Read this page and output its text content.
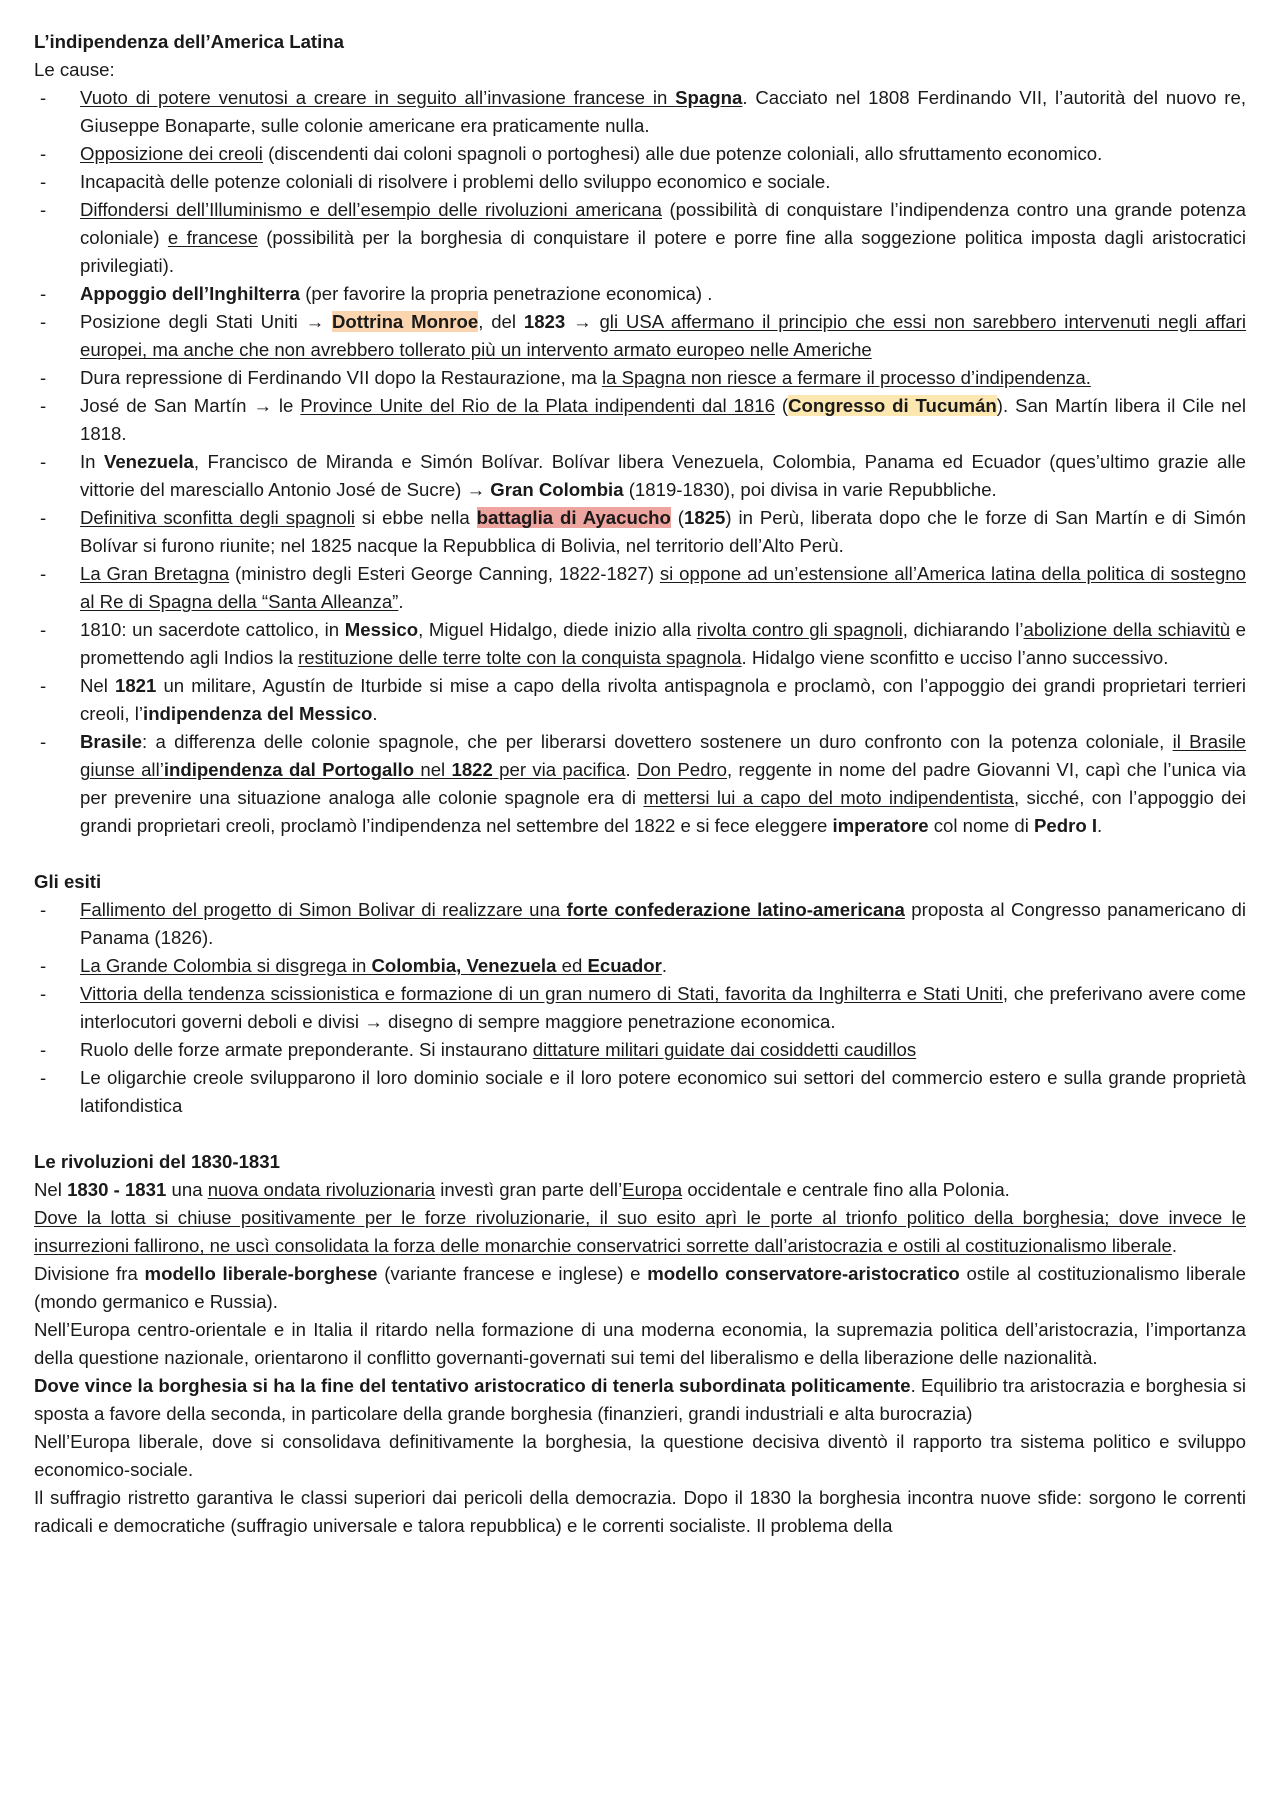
L’indipendenza dell’America Latina

Le cause:

- Vuoto di potere venutosi a creare in seguito all’invasione francese in Spagna. Cacciato nel 1808 Ferdinando VII, l’autorità del nuovo re, Giuseppe Bonaparte, sulle colonie americane era praticamente nulla.
- Opposizione dei creoli (discendenti dai coloni spagnoli o portoghesi) alle due potenze coloniali, allo sfruttamento economico.
- Incapacità delle potenze coloniali di risolvere i problemi dello sviluppo economico e sociale.
- Diffondersi dell’Illuminismo e dell’esempio delle rivoluzioni americana (possibilità di conquistare l’indipendenza contro una grande potenza coloniale) e francese (possibilità per la borghesia di conquistare il potere e porre fine alla soggezione politica imposta dagli aristocratici privilegiati).
- Appoggio dell’Inghilterra (per favorire la propria penetrazione economica) .
- Posizione degli Stati Uniti → Dottrina Monroe, del 1823 → gli USA affermano il principio che essi non sarebbero intervenuti negli affari europei, ma anche che non avrebbero tollerato più un intervento armato europeo nelle Americhe
- Dura repressione di Ferdinando VII dopo la Restaurazione, ma la Spagna non riesce a fermare il processo d’indipendenza.
- José de San Martín → le Province Unite del Rio de la Plata indipendenti dal 1816 (Congresso di Tucumán). San Martín libera il Cile nel 1818.
- In Venezuela, Francisco de Miranda e Simón Bolívar. Bolívar libera Venezuela, Colombia, Panama ed Ecuador (ques’ultimo grazie alle vittorie del maresciallo Antonio José de Sucre) → Gran Colombia (1819-1830), poi divisa in varie Repubbliche.
- Definitiva sconfitta degli spagnoli si ebbe nella battaglia di Ayacucho (1825) in Perù, liberata dopo che le forze di San Martín e di Simón Bolívar si furono riunite; nel 1825 nacque la Repubblica di Bolivia, nel territorio dell’Alto Perù.
- La Gran Bretagna (ministro degli Esteri George Canning, 1822-1827) si oppone ad un’estensione all’America latina della politica di sostegno al Re di Spagna della “Santa Alleanza”.
- 1810: un sacerdote cattolico, in Messico, Miguel Hidalgo, diede inizio alla rivolta contro gli spagnoli, dichiarando l’abolizione della schiavitù e promettendo agli Indios la restituzione delle terre tolte con la conquista spagnola. Hidalgo viene sconfitto e ucciso l’anno successivo.
- Nel 1821 un militare, Agustín de Iturbide si mise a capo della rivolta antispagnola e proclamò, con l’appoggio dei grandi proprietari terrieri creoli, l’indipendenza del Messico.
- Brasile: a differenza delle colonie spagnole, che per liberarsi dovettero sostenere un duro confronto con la potenza coloniale, il Brasile giunse all’indipendenza dal Portogallo nel 1822 per via pacifica. Don Pedro, reggente in nome del padre Giovanni VI, capì che l’unica via per prevenire una situazione analoga alle colonie spagnole era di mettersi lui a capo del moto indipendentista, sicché, con l’appoggio dei grandi proprietari creoli, proclamò l’indipendenza nel settembre del 1822 e si fece eleggere imperatore col nome di Pedro I.
Gli esiti
- Fallimento del progetto di Simon Bolivar di realizzare una forte confederazione latino-americana proposta al Congresso panamericano di Panama (1826).
- La Grande Colombia si disgrega in Colombia, Venezuela ed Ecuador.
- Vittoria della tendenza scissionistica e formazione di un gran numero di Stati, favorita da Inghilterra e Stati Uniti, che preferivano avere come interlocutori governi deboli e divisi → disegno di sempre maggiore penetrazione economica.
- Ruolo delle forze armate preponderante. Si instaurano dittature militari guidate dai cosiddetti caudillos
- Le oligarchie creole svilupparono il loro dominio sociale e il loro potere economico sui settori del commercio estero e sulla grande proprietà latifondistica
Le rivoluzioni del 1830-1831

Nel 1830 - 1831 una nuova ondata rivoluzionaria investì gran parte dell’Europa occidentale e centrale fino alla Polonia.

Dove la lotta si chiuse positivamente per le forze rivoluzionarie, il suo esito aprì le porte al trionfo politico della borghesia; dove invece le insurrezioni fallirono, ne uscì consolidata la forza delle monarchie conservatrici sorrette dall’aristocrazia e ostili al costituzionalismo liberale.

Divisione fra modello liberale-borghese (variante francese e inglese) e modello conservatore-aristocratico ostile al costituzionalismo liberale (mondo germanico e Russia).

Nell’Europa centro-orientale e in Italia il ritardo nella formazione di una moderna economia, la supremazia politica dell’aristocrazia, l’importanza della questione nazionale, orientarono il conflitto governanti-governati sui temi del liberalismo e della liberazione delle nazionalità.

Dove vince la borghesia si ha la fine del tentativo aristocratico di tenerla subordinata politicamente. Equilibrio tra aristocrazia e borghesia si sposta a favore della seconda, in particolare della grande borghesia (finanzieri, grandi industriali e alta burocrazia)

Nell’Europa liberale, dove si consolidava definitivamente la borghesia, la questione decisiva diventò il rapporto tra sistema politico e sviluppo economico-sociale.

Il suffragio ristretto garantiva le classi superiori dai pericoli della democrazia. Dopo il 1830 la borghesia incontra nuove sfide: sorgono le correnti radicali e democratiche (suffragio universale e talora repubblica) e le correnti socialiste. Il problema della
